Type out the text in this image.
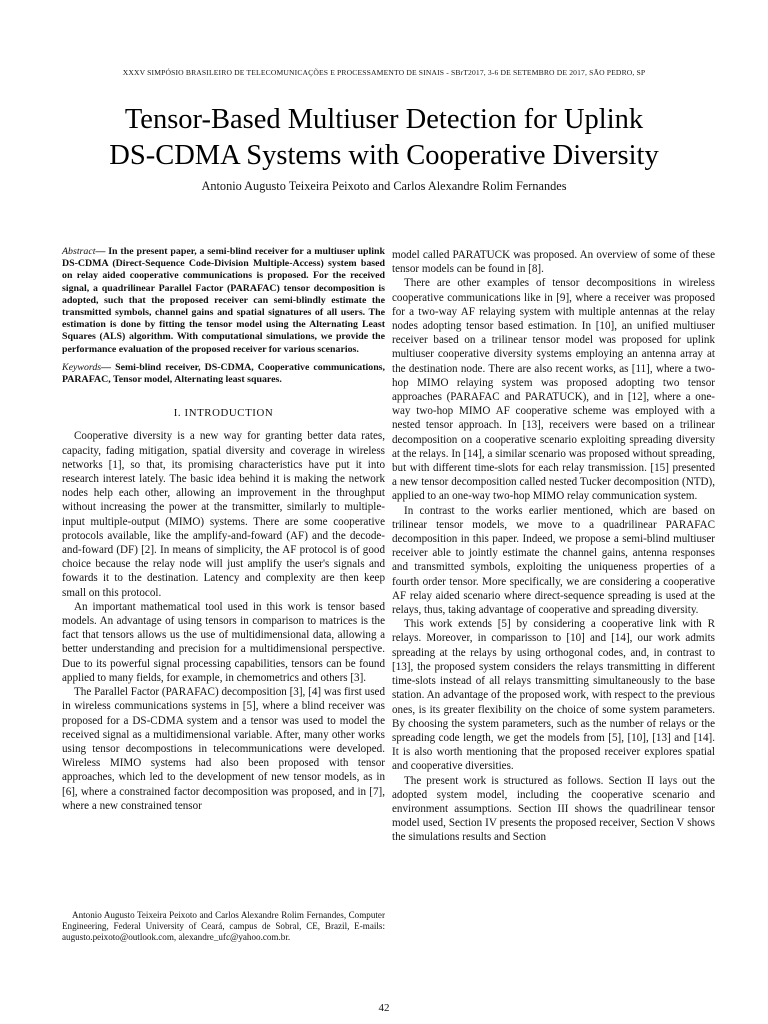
XXXV SIMPÓSIO BRASILEIRO DE TELECOMUNICAÇÕES E PROCESSAMENTO DE SINAIS - SBrT2017, 3-6 DE SETEMBRO DE 2017, SÃO PEDRO, SP
Tensor-Based Multiuser Detection for Uplink
DS-CDMA Systems with Cooperative Diversity
Antonio Augusto Teixeira Peixoto and Carlos Alexandre Rolim Fernandes

Abstract— In the present paper, a semi-blind receiver for a multiuser uplink DS-CDMA (Direct-Sequence Code-Division Multiple-Access) system based on relay aided cooperative communications is proposed. For the received signal, a quadrilinear Parallel Factor (PARAFAC) tensor decomposition is adopted, such that the proposed receiver can semi-blindly estimate the transmitted symbols, channel gains and spatial signatures of all users. The estimation is done by fitting the tensor model using the Alternating Least Squares (ALS) algorithm. With computational simulations, we provide the performance evaluation of the proposed receiver for various scenarios.

Keywords— Semi-blind receiver, DS-CDMA, Cooperative communications, PARAFAC, Tensor model, Alternating least squares.

I. INTRODUCTION

Cooperative diversity is a new way for granting better data rates, capacity, fading mitigation, spatial diversity and coverage in wireless networks [1], so that, its promising characteristics have put it into research interest lately. The basic idea behind it is making the network nodes help each other, allowing an improvement in the throughput without increasing the power at the transmitter, similarly to multiple-input multiple-output (MIMO) systems. There are some cooperative protocols available, like the amplify-and-foward (AF) and the decode-and-foward (DF) [2]. In means of simplicity, the AF protocol is of good choice because the relay node will just amplify the user's signals and fowards it to the destination. Latency and complexity are then keep small on this protocol.

An important mathematical tool used in this work is tensor based models. An advantage of using tensors in comparison to matrices is the fact that tensors allows us the use of multidimensional data, allowing a better understanding and precision for a multidimensional perspective. Due to its powerful signal processing capabilities, tensors can be found applied to many fields, for example, in chemometrics and others [3].

The Parallel Factor (PARAFAC) decomposition [3], [4] was first used in wireless communications systems in [5], where a blind receiver was proposed for a DS-CDMA system and a tensor was used to model the received signal as a multidimensional variable. After, many other works using tensor decompostions in telecommunications were developed. Wireless MIMO systems had also been proposed with tensor approaches, which led to the development of new tensor models, as in [6], where a constrained factor decomposition was proposed, and in [7], where a new constrained tensor

Antonio Augusto Teixeira Peixoto and Carlos Alexandre Rolim Fernandes, Computer Engineering, Federal University of Ceará, campus de Sobral, CE, Brazil, E-mails: augusto.peixoto@outlook.com, alexandre_ufc@yahoo.com.br.

model called PARATUCK was proposed. An overview of some of these tensor models can be found in [8].

There are other examples of tensor decompositions in wireless cooperative communications like in [9], where a receiver was proposed for a two-way AF relaying system with multiple antennas at the relay nodes adopting tensor based estimation. In [10], an unified multiuser receiver based on a trilinear tensor model was proposed for uplink multiuser cooperative diversity systems employing an antenna array at the destination node. There are also recent works, as [11], where a two-hop MIMO relaying system was proposed adopting two tensor approaches (PARAFAC and PARATUCK), and in [12], where a one-way two-hop MIMO AF cooperative scheme was employed with a nested tensor approach. In [13], receivers were based on a trilinear decomposition on a cooperative scenario exploiting spreading diversity at the relays. In [14], a similar scenario was proposed without spreading, but with different time-slots for each relay transmission. [15] presented a new tensor decomposition called nested Tucker decomposition (NTD), applied to an one-way two-hop MIMO relay communication system.

In contrast to the works earlier mentioned, which are based on trilinear tensor models, we move to a quadrilinear PARAFAC decomposition in this paper. Indeed, we propose a semi-blind multiuser receiver able to jointly estimate the channel gains, antenna responses and transmitted symbols, exploiting the uniqueness properties of a fourth order tensor. More specifically, we are considering a cooperative AF relay aided scenario where direct-sequence spreading is used at the relays, thus, taking advantage of cooperative and spreading diversity.

This work extends [5] by considering a cooperative link with R relays. Moreover, in comparisson to [10] and [14], our work admits spreading at the relays by using orthogonal codes, and, in contrast to [13], the proposed system considers the relays transmitting in different time-slots instead of all relays transmitting simultaneously to the base station. An advantage of the proposed work, with respect to the previous ones, is its greater flexibility on the choice of some system parameters. By choosing the system parameters, such as the number of relays or the spreading code length, we get the models from [5], [10], [13] and [14]. It is also worth mentioning that the proposed receiver explores spatial and cooperative diversities.

The present work is structured as follows. Section II lays out the adopted system model, including the cooperative scenario and environment assumptions. Section III shows the quadrilinear tensor model used, Section IV presents the proposed receiver, Section V shows the simulations results and Section

42
